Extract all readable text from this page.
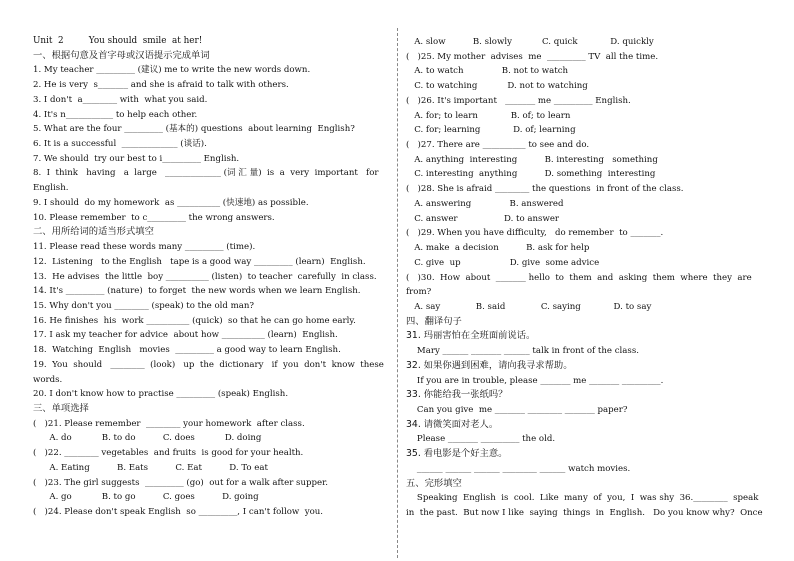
Unit  2         You should  smile  at her!
一、根据句意及首字母或汉语提示完成单词
1. My teacher _________ (建议) me to write the new words down.
2. He is very  s_______ and she is afraid to talk with others.
3. I don't  a________ with  what you said.
4. It's n___________ to help each other.
5. What are the four _________ (基本的) questions  about learning  English?
6. It is a successful  _____________ (谈话).
7. We should  try our best to i_________ English.
8.  I  think   having   a  large   _____________ (词 汇 量)  is  a  very  important   for
English.
9. I should  do my homework  as __________ (快速地) as possible.
10. Please remember  to c_________ the wrong answers.
二、用所给词的适当形式填空
11. Please read these words many _________ (time).
12.  Listening   to the English   tape is a good way _________ (learn)  English.
13.  He advises  the little  boy __________ (listen)  to teacher  carefully  in class.
14. It's _________ (nature)  to forget  the new words when we learn English.
15. Why don't you ________ (speak) to the old man?
16. He finishes  his  work __________ (quick)  so that he can go home early.
17. I ask my teacher for advice  about how __________ (learn)  English.
18.  Watching  English   movies  _________ a good way to learn English.
19.  You  should   ________  (look)   up  the  dictionary   if  you  don't  know  these
words.
20. I don't know how to practise _________ (speak) English.
三、单项选择
(   )21. Please remember  ________ your homework  after class.
A. do           B. to do          C. does           D. doing
(   )22. ________ vegetables  and fruits  is good for your health.
A. Eating          B. Eats          C. Eat          D. To eat
(   )23. The girl suggests  _________ (go)  out for a walk after supper.
A. go           B. to go          C. goes          D. going
(   )24. Please don't speak English  so _________, I can't follow  you.
A. slow          B. slowly           C. quick            D. quickly
(   )25. My mother  advises  me  _________ TV  all the time.
A. to watch              B. not to watch
C. to watching           D. not to watching
(   )26. It's important   _______ me _________ English.
A. for; to learn            B. of; to learn
C. for; learning            D. of; learning
(   )27. There are __________ to see and do.
A. anything  interesting          B. interesting   something
C. interesting  anything          D. something  interesting
(   )28. She is afraid ________ the questions  in front of the class.
A. answering              B. answered
C. answer                 D. to answer
(   )29. When you have difficulty,   do remember  to _______.
A. make  a decision          B. ask for help
C. give  up                  D. give  some advice
(   )30.  How  about  _______ hello  to  them  and  asking  them  where  they  are
from?
A. say             B. said             C. saying            D. to say
四、翻译句子
31. 玛丽害怕在全班面前说话。
Mary ______ _______ ______ talk in front of the class.
32. 如果你遇到困难，请向我寻求帮助。
If you are in trouble, please _______ me _______ _________.
33. 你能给我一张纸吗？
Can you give  me _______ ________ _______ paper?
34. 请微笑面对老人。
Please _______ _________ the old.
35. 看电影是个好主意。
______ ______ ______ ________ ______ watch movies.
五、完形填空
Speaking  English  is  cool.  Like  many  of  you,  I  was shy  36.________  speak
in  the past.  But now I like  saying  things  in  English.   Do you know why?  Once
